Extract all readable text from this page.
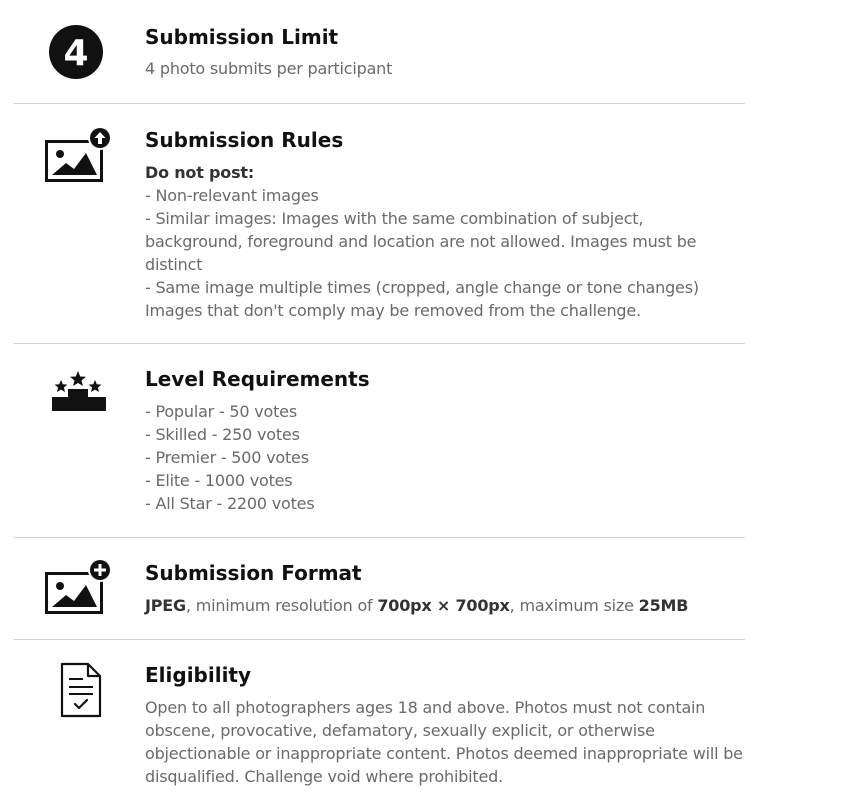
4	Submission Limit
4 photo submits per participant
Submission Rules
Do not post:
- Non-relevant images
- Similar images: Images with the same combination of subject, background, foreground and location are not allowed. Images must be distinct
- Same image multiple times (cropped, angle change or tone changes)
Images that don't comply may be removed from the challenge.
Level Requirements
- Popular - 50 votes
- Skilled - 250 votes
- Premier - 500 votes
- Elite - 1000 votes
- All Star - 2200 votes
Submission Format
JPEG, minimum resolution of 700px × 700px, maximum size 25MB
Eligibility
Open to all photographers ages 18 and above. Photos must not contain obscene, provocative, defamatory, sexually explicit, or otherwise objectionable or inappropriate content. Photos deemed inappropriate will be disqualified. Challenge void where prohibited.
